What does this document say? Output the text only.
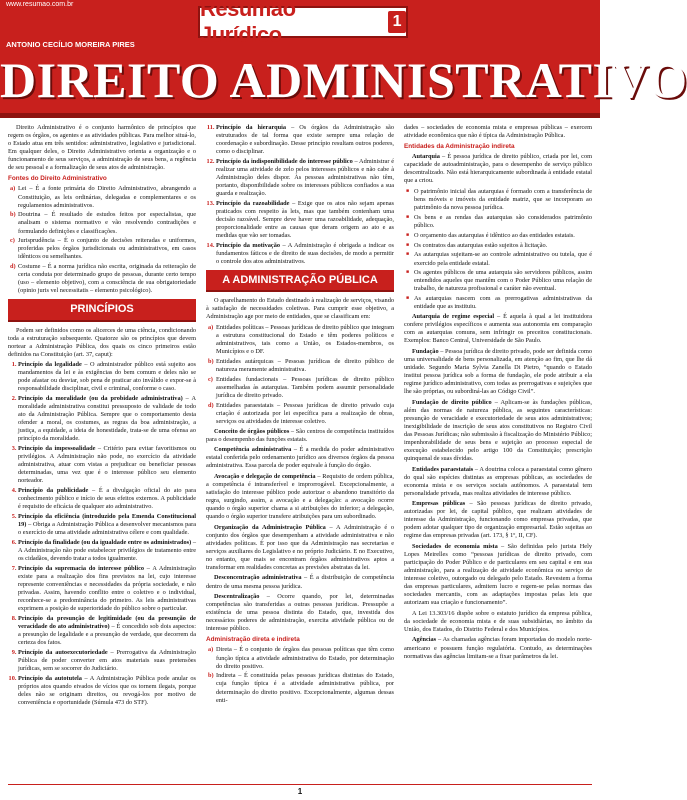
www.resumao.com.br	Resumão Jurídico
1
ANTONIO CECÍLIO MOREIRA PIRES
DIREITO ADMINISTRATIVO

Direito Administrativo é o conjunto harmônico de princípios que regem os órgãos, os agentes e as atividades públicas. Para melhor situá-lo, o Estado atua em três sentidos: administrativo, legislativo e jurisdicional. Em qualquer deles, o Direito Administrativo orienta a organização e o funcionamento de seus serviços, a administração de seus bens, a regência de seu pessoal e a formalização de seus atos de administração.

Fontes do Direito Administrativo
a) Lei – É a fonte primária do Direito Administrativo, abrangendo a Constituição, as leis ordinárias, delegadas e complementares e os regulamentos administrativos.
b) Doutrina – É resultado de estudos feitos por especialistas, que analisam o sistema normativo e vão resolvendo contradições e formulando definições e classificações.
c) Jurisprudência – É o conjunto de decisões reiteradas e uniformes, proferidas pelos órgãos jurisdicionais ou administrativos, em casos idênticos ou semelhantes.
d) Costume – É a norma jurídica não escrita, originada da reiteração de certa conduta por determinado grupo de pessoas, durante certo tempo (uso – elemento objetivo), com a consciência de sua obrigatoriedade (opinio juris vel necessitatis – elemento psicológico).
PRINCÍPIOS

Podem ser definidos como os alicerces de uma ciência, condicionando toda a estruturação subsequente. Quatorze são os princípios que devem nortear a Administração Pública, dos quais os cinco primeiros estão definidos na Constituição (art. 37, caput):

1. Princípio da legalidade – O administrador público está sujeito aos mandamentos da lei e às exigências do bem comum e deles não se pode afastar ou desviar, sob pena de praticar ato inválido e expor-se à responsabilidade disciplinar, civil e criminal, conforme o caso.
2. Princípio da moralidade (ou da probidade administrativa) – A moralidade administrativa constitui pressuposto de validade de todo ato da Administração Pública. Sempre que o comportamento desta ofender a moral, os costumes, as regras da boa administração, a justiça, a equidade, a ideia de honestidade, trata-se de uma ofensa ao princípio da moralidade.
3. Princípio da impessoalidade – Critério para evitar favoritismos ou privilégios. A Administração não pode, no exercício da atividade administrativa, atuar com vistas a prejudicar ou beneficiar pessoas determinadas, uma vez que é o interesse público seu elemento norteador.
4. Princípio da publicidade – É a divulgação oficial do ato para conhecimento público e início de seus efeitos externos. A publicidade é requisito de eficácia de qualquer ato administrativo.
5. Princípio da eficiência (introduzido pela Emenda Constitucional 19) – Obriga a Administração Pública a desenvolver mecanismos para o exercício de uma atividade administrativa célere e com qualidade.
6. Princípio da finalidade (ou da igualdade entre os administrados) – A Administração não pode estabelecer privilégios de tratamento entre os cidadãos, devendo tratar a todos igualmente.
7. Princípio da supremacia do interesse público – A Administração existe para a realização dos fins previstos na lei, cujo interesse represente conveniências e necessidades da própria sociedade, e não privadas. Assim, havendo conflito entre o coletivo e o individual, reconhece-se a predominância do primeiro. As leis administrativas exprimem a posição de superioridade do público sobre o particular.
8. Princípio da presunção de legitimidade (ou da presunção de veracidade do ato administrativo) – É concedido sob dois aspectos: a presunção de legalidade e a presunção de verdade, que decorrem da certeza dos fatos.
9. Princípio da autoexecutoriedade – Prerrogativa da Administração Pública de poder converter em atos materiais suas pretensões jurídicas, sem se socorrer do Judiciário.
10. Princípio da autotutela – A Administração Pública pode anular os próprios atos quando eivados de vícios que os tornem ilegais, porque deles não se originam direitos, ou revogá-los por motivo de conveniência e oportunidade (Súmula 473 do STF).
11. Princípio da hierarquia – Os órgãos da Administração são estruturados de tal forma que existe sempre uma relação de coordenação e subordinação. Desse princípio resultam outros poderes, como o disciplinar.
12. Princípio da indisponibilidade do interesse público – Administrar é realizar uma atividade de zelo pelos interesses públicos e não cabe à Administração deles dispor. Às pessoas administrativas não têm, portanto, disponibilidade sobre os interesses públicos confiados a sua guarda e realização.
13. Princípio da razoabilidade – Exige que os atos não sejam apenas praticados com respeito às leis, mas que também contenham uma decisão razoável. Sempre deve haver uma razoabilidade, adequação, proporcionalidade entre as causas que deram origem ao ato e as medidas que vão ser tomadas.
14. Princípio da motivação – A Administração é obrigada a indicar os fundamentos fáticos e de direito de suas decisões, de modo a permitir o controle dos atos administrativos.
A ADMINISTRAÇÃO PÚBLICA

O aparelhamento do Estado destinado à realização de serviços, visando à satisfação de necessidades coletivas. Para cumprir esse objetivo, a Administração age por meio de entidades, que se classificam em:

a) Entidades políticas – Pessoas jurídicas de direito público que integram a estrutura constitucional do Estado e têm poderes políticos e administrativos, tais como a União, os Estados-membros, os Municípios e o DF.
b) Entidades autárquicas – Pessoas jurídicas de direito público de natureza meramente administrativa.
c) Entidades fundacionais – Pessoas jurídicas de direito público assemelhadas às autarquias. Também podem assumir personalidade jurídica de direito privado.
d) Entidades paraestatais – Pessoas jurídicas de direito privado cuja criação é autorizada por lei específica para a realização de obras, serviços ou atividades de interesse coletivo.

Conceito de órgãos públicos – São centros de competência instituídos para o desempenho das funções estatais.

Competência administrativa – É a medida do poder administrativo estatal conferida pelo ordenamento jurídico aos diversos órgãos da pessoa administrativa. Essa parcela de poder equivale à função do órgão.

Avocação e delegação de competência – Requisito de ordem pública, a competência é intransferível e improrrogável. Excepcionalmente, a satisfação do interesse público pode autorizar o abandono transitório da regra, surgindo, assim, a avocação e a delegação: a avocação ocorre quando o órgão superior chama a si atribuições do inferior; a delegação, quando o órgão superior transfere atribuições para um subordinado.

Organização da Administração Pública – A Administração é o conjunto dos órgãos que desempenham a atividade administrativa e não atividades políticas. É por isso que da Administração nas secretarias e serviços auxiliares do Legislativo e no próprio Judiciário. E no Executivo, no entanto, que mais se encontram órgãos administrativos aptos a transformar em realidades concretas as previsões abstratas da lei.

Desconcentração administrativa – É a distribuição de competência dentro de uma mesma pessoa jurídica.

Descentralização – Ocorre quando, por lei, determinadas competências são transferidas a outras pessoas jurídicas. Pressupõe a existência de uma pessoa distinta do Estado, que, investida dos necessários poderes de administração, exercita atividade pública ou de interesse público.

Administração direta e indireta
a) Direta – É o conjunto de órgãos das pessoas políticas que têm como função típica a atividade administrativa do Estado, por determinação do direito positivo.
b) Indireta – É constituída pelas pessoas jurídicas distintas do Estado, cuja função típica é a atividade administrativa pública, por determinação do direito positivo. Excepcionalmente, algumas dessas enti-

dades – sociedades de economia mista e empresas públicas – exercem atividade econômica que não é típica da Administração Pública.

Entidades da Administração indireta

Autarquia – É pessoa jurídica de direito público, criada por lei, com capacidade de autoadministração, para o desempenho de serviço público descentralizado. Não está hierarquicamente subordinada à entidade estatal que a criou.

■ O patrimônio inicial das autarquias é formado com a transferência de bens móveis e imóveis da entidade matriz, que se incorporam ao patrimônio da nova pessoa jurídica.
■ Os bens e as rendas das autarquias são considerados patrimônio público.
■ O orçamento das autarquias é idêntico ao das entidades estatais.
■ Os contratos das autarquias estão sujeitos à licitação.
■ As autarquias sujeitam-se ao controle administrativo ou tutela, que é exercido pela entidade estatal.
■ Os agentes públicos de uma autarquia são servidores públicos, assim entendidos aqueles que mantêm com o Poder Público uma relação de trabalho, de natureza profissional e caráter não eventual.
■ As autarquias nascem com as prerrogativas administrativas da entidade que as instituiu.

Autarquia de regime especial – É aquela à qual a lei instituidora confere privilégios específicos e aumenta sua autonomia em comparação com as autarquias comuns, sem infringir os preceitos constitucionais. Exemplos: Banco Central, Universidade de São Paulo.

Fundação – Pessoa jurídica de direito privado, pode ser definida como uma universalidade de bens personalizada, em atenção ao fim, que lhe dá unidade. Segundo Maria Sylvia Zanella Di Pietro, “quando o Estado institui pessoa jurídica sob a forma de fundação, ele pode atribuir a ela regime jurídico administrativo, com todas as prerrogativas e sujeições que lhe são próprias, ou subordiná-las ao Código Civil”.

Fundação de direito público – Aplicam-se às fundações públicas, além das normas de natureza pública, as seguintes características: presunção de veracidade e executoriedade de seus atos administrativos; inexigibilidade de inscrição de seus atos constitutivos no Registro Civil das Pessoas Jurídicas; não submissão à fiscalização do Ministério Público; impenhorabilidade de seus bens e sujeição ao processo especial de execução estabelecido pelo artigo 100 da Constituição; prescrição quinquenal de suas dívidas.

Entidades paraestatais – A doutrina coloca a paraestatal como gênero do qual são espécies distintas as empresas públicas, as sociedades de economia mista e os serviços sociais autônomos. A paraestatal tem personalidade privada, mas realiza atividades de interesse público.

Empresas públicas – São pessoas jurídicas de direito privado, autorizadas por lei, de capital público, que realizam atividades de interesse da Administração, funcionando como empresas privadas, que podem adotar qualquer tipo de organização empresarial. Estão sujeitas ao regime das empresas privadas (art. 173, § 1º, II, CF).

Sociedades de economia mista – São definidas pelo jurista Hely Lopes Meirelles como “pessoas jurídicas de direito privado, com participação do Poder Público e de particulares em seu capital e em sua administração, para a realização de atividade econômica ou serviço de interesse coletivo, outorgado ou delegado pelo Estado. Revestem a forma das empresas particulares, admitem lucro e regem-se pelas normas das sociedades mercantis, com as adaptações impostas pelas leis que autorizam sua criação e funcionamento”.

A Lei 13.303/16 dispõe sobre o estatuto jurídico da empresa pública, da sociedade de economia mista e de suas subsidiárias, no âmbito da União, dos Estados, do Distrito Federal e dos Municípios.

Agências – As chamadas agências foram importadas do modelo norte-americano e possuem função regulatória. Contudo, as determinações normativas das agências limitam-se a fixar parâmetros da lei.

1
